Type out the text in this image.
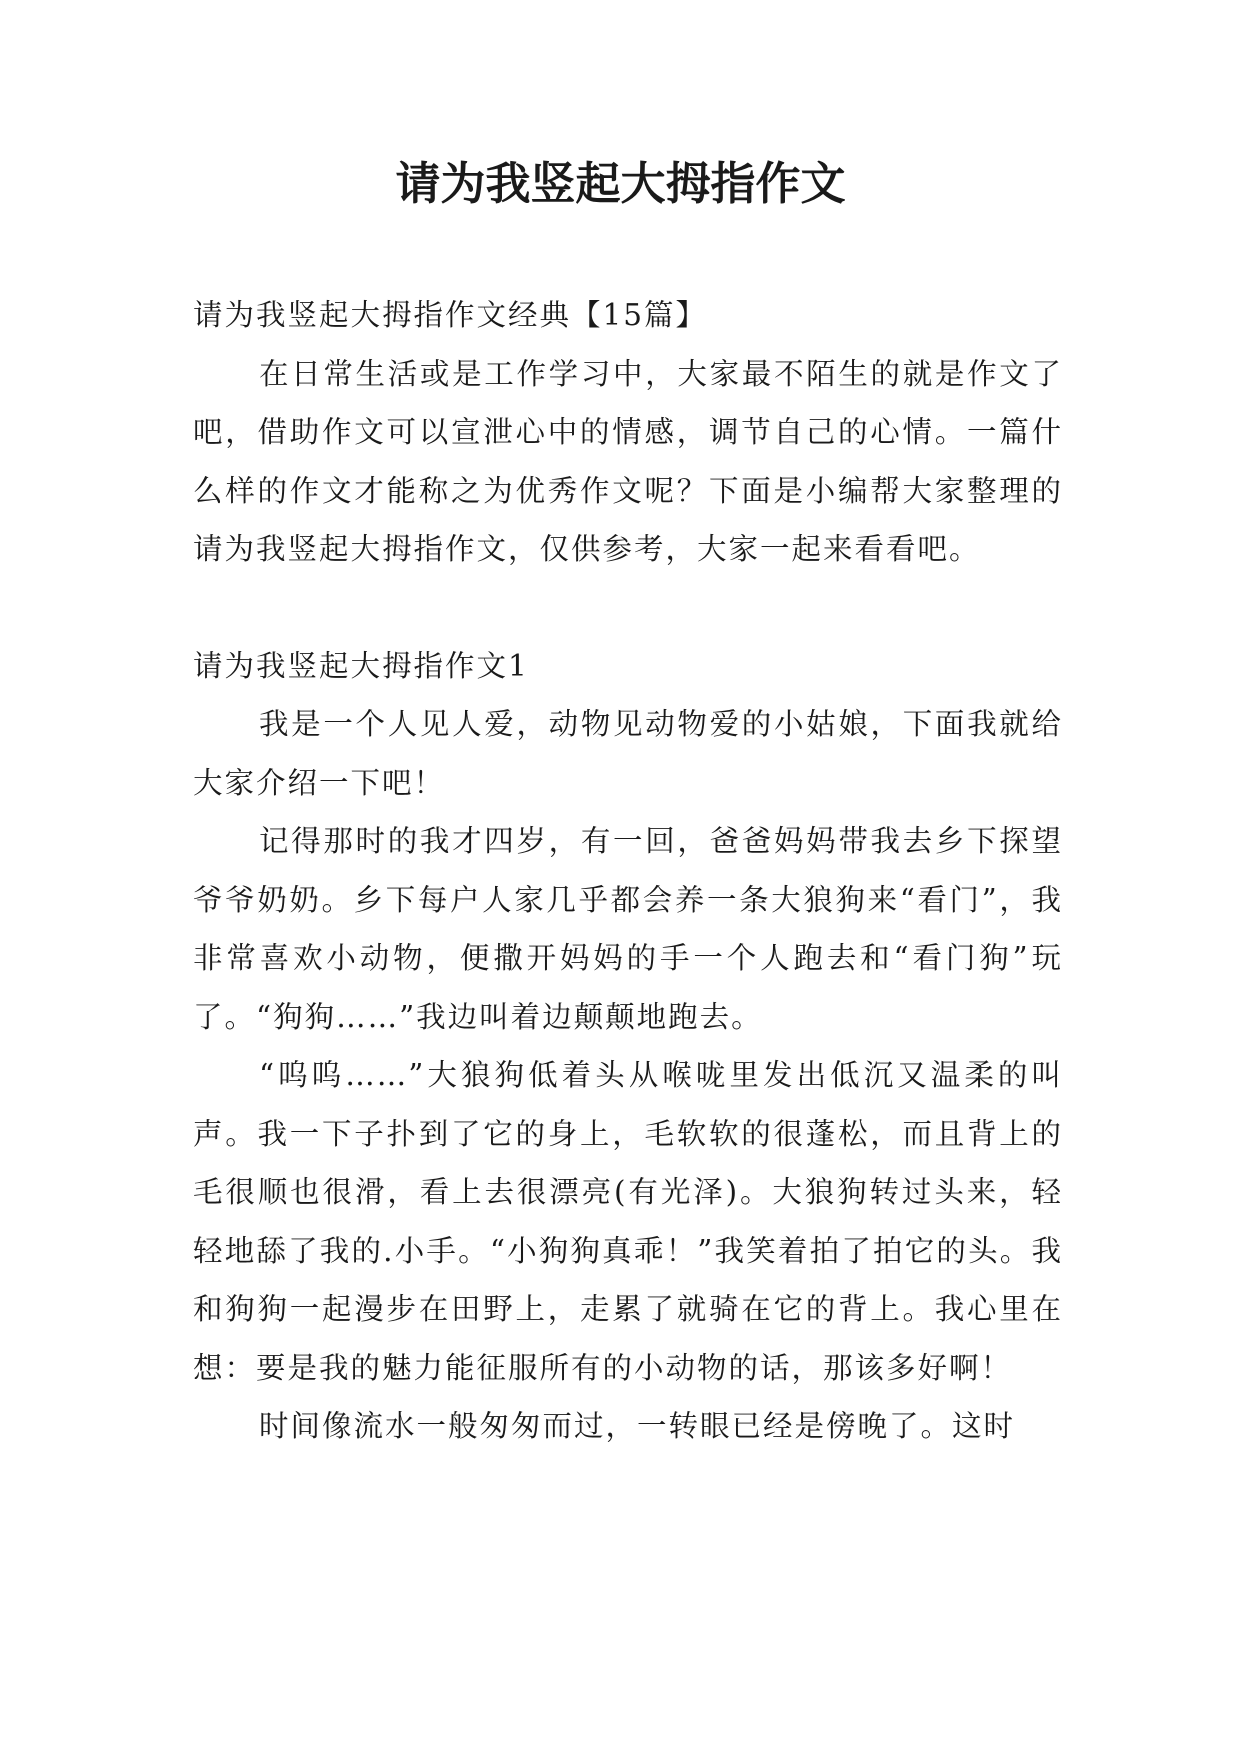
请为我竖起大拇指作文

请为我竖起大拇指作文经典【15篇】

在日常生活或是工作学习中，大家最不陌生的就是作文了吧，借助作文可以宣泄心中的情感，调节自己的心情。一篇什么样的作文才能称之为优秀作文呢？下面是小编帮大家整理的请为我竖起大拇指作文，仅供参考，大家一起来看看吧。

请为我竖起大拇指作文1

我是一个人见人爱，动物见动物爱的小姑娘，下面我就给大家介绍一下吧！

记得那时的我才四岁，有一回，爸爸妈妈带我去乡下探望爷爷奶奶。乡下每户人家几乎都会养一条大狼狗来“看门”，我非常喜欢小动物，便撒开妈妈的手一个人跑去和“看门狗”玩了。“狗狗……”我边叫着边颠颠地跑去。

“呜呜……”大狼狗低着头从喉咙里发出低沉又温柔的叫声。我一下子扑到了它的身上，毛软软的很蓬松，而且背上的毛很顺也很滑，看上去很漂亮(有光泽)。大狼狗转过头来，轻轻地舔了我的.小手。“小狗狗真乖！”我笑着拍了拍它的头。我和狗狗一起漫步在田野上，走累了就骑在它的背上。我心里在想：要是我的魅力能征服所有的小动物的话，那该多好啊！

时间像流水一般匆匆而过，一转眼已经是傍晚了。这时
